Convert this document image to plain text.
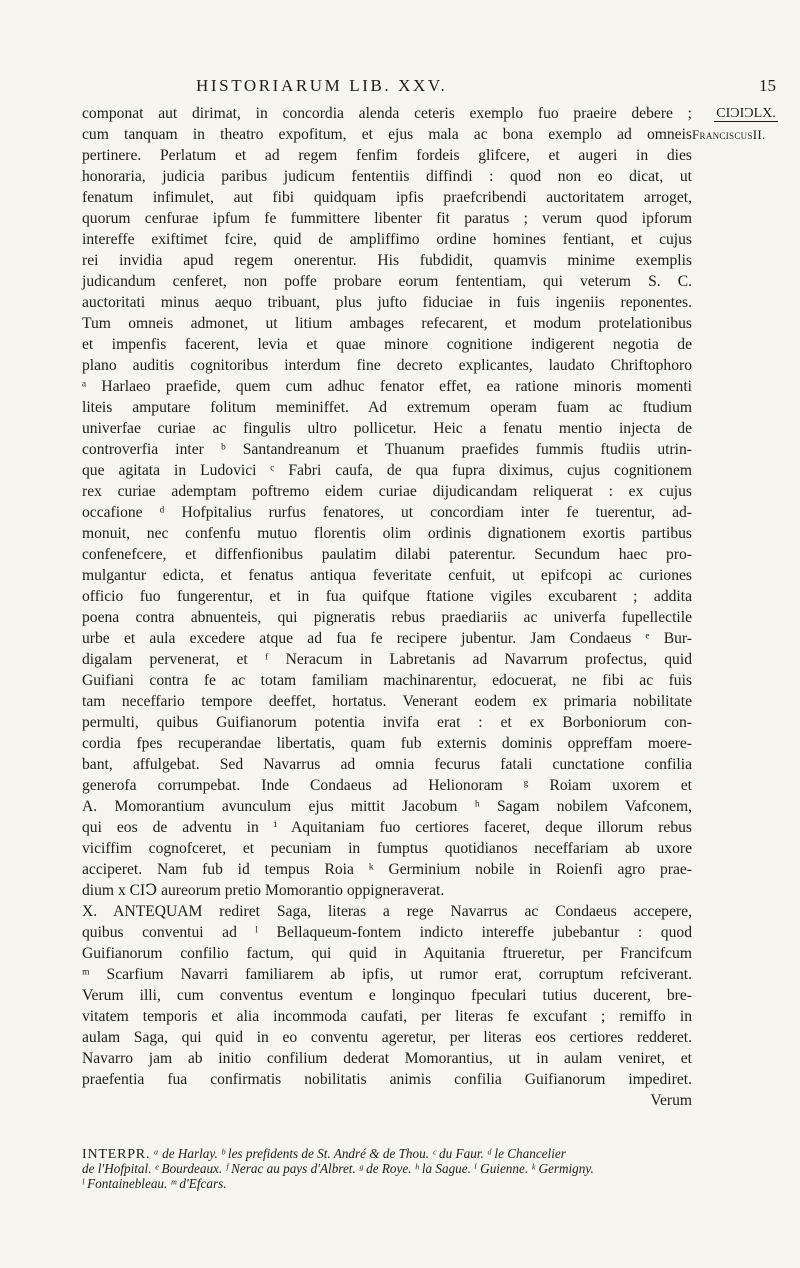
HISTORIARUM LIB. XXV.	15
componat aut dirimat, in concordia alenda ceteris exemplo fuo praeire debere ;
cum tanquam in theatro expofitum, et ejus mala ac bona exemplo ad omneis
pertinere. Perlatum et ad regem fenfim fordeis glifcere, et augeri in dies
honoraria, judicia paribus judicum fententiis diffindi : quod non eo dicat, ut
fenatum infimulet, aut fibi quidquam ipfis praefcribendi auctoritatem arroget,
quorum cenfurae ipfum fe fummittere libenter fit paratus ; verum quod ipforum
intereffe exiftimet fcire, quid de ampliffimo ordine homines fentiant, et cujus
rei invidia apud regem onerentur. His fubdidit, quamvis minime exemplis
judicandum cenferet, non poffe probare eorum fententiam, qui veterum S. C.
auctoritati minus aequo tribuant, plus jufto fiduciae in fuis ingeniis reponentes.
Tum omneis admonet, ut litium ambages refecarent, et modum protelationibus
et impenfis facerent, levia et quae minore cognitione indigerent negotia de
plano auditis cognitoribus interdum fine decreto explicantes, laudato Chriftophoro
ᵃ Harlaeo praefide, quem cum adhuc fenator effet, ea ratione minoris momenti
liteis amputare folitum meminiffet. Ad extremum operam fuam ac ftudium
univerfae curiae ac fingulis ultro pollicetur. Heic a fenatu mentio injecta de
controverfia inter ᵇ Santandreanum et Thuanum praefides fummis ftudiis utrin-
que agitata in Ludovici ᶜ Fabri caufa, de qua fupra diximus, cujus cognitionem
rex curiae ademptam poftremo eidem curiae dijudicandam reliquerat : ex cujus
occafione ᵈ Hofpitalius rurfus fenatores, ut concordiam inter fe tuerentur, ad-
monuit, nec confenfu mutuo florentis olim ordinis dignationem exortis partibus
confenefcere, et diffenfionibus paulatim dilabi paterentur. Secundum haec pro-
mulgantur edicta, et fenatus antiqua feveritate cenfuit, ut epifcopi ac curiones
officio fuo fungerentur, et in fua quifque ftatione vigiles excubarent ; addita
poena contra abnuenteis, qui pigneratis rebus praediariis ac univerfa fupellectile
urbe et aula excedere atque ad fua fe recipere jubentur. Jam Condaeus ᵉ Bur-
digalam pervenerat, et ᶠ Neracum in Labretanis ad Navarrum profectus, quid
Guifiani contra fe ac totam familiam machinarentur, edocuerat, ne fibi ac fuis
tam neceffario tempore deeffet, hortatus. Venerant eodem ex primaria nobilitate
permulti, quibus Guifianorum potentia invifa erat : et ex Borboniorum con-
cordia fpes recuperandae libertatis, quam fub externis dominis oppreffam moere-
bant, affulgebat. Sed Navarrus ad omnia fecurus fatali cunctatione confilia
generofa corrumpebat. Inde Condaeus ad Helionoram ᵍ Roiam uxorem et
A. Momorantium avunculum ejus mittit Jacobum ʰ Sagam nobilem Vafconem,
qui eos de adventu in ⁱ Aquitaniam fuo certiores faceret, deque illorum rebus
viciffim cognofceret, et pecuniam in fumptus quotidianos neceffariam ab uxore
acciperet. Nam fub id tempus Roia ᵏ Germinium nobile in Roienfi agro prae-
dium x CIↃ aureorum pretio Momorantio oppigneraverat.
X. ANTEQUAM rediret Saga, literas a rege Navarrus ac Condaeus accepere,
quibus conventui ad ˡ Bellaqueum-fontem indicto intereffe jubebantur : quod
Guifianorum confilio factum, qui quid in Aquitania ftrueretur, per Francifcum
ᵐ Scarfium Navarri familiarem ab ipfis, ut rumor erat, corruptum refciverant.
Verum illi, cum conventus eventum e longinquo fpeculari tutius ducerent, bre-
vitatem temporis et alia incommoda caufati, per literas fe excufant ; remiffo in
aulam Saga, qui quid in eo conventu ageretur, per literas eos certiores redderet.
Navarro jam ab initio confilium dederat Momorantius, ut in aulam veniret, et
praefentia fua confirmatis nobilitatis animis confilia Guifianorum impediret.
Verum
CIƆIƆLX.
FranciscusII.
INTERPR. ᵃ de Harlay. ᵇ les prefidents de St. André & de Thou. ᶜ du Faur. ᵈ le Chancelier
de l'Hofpital. ᵉ Bourdeaux. ᶠ Nerac au pays d'Albret. ᵍ de Roye. ʰ la Sague. ⁱ Guienne. ᵏ Germigny.
ˡ Fontainebleau. ᵐ d'Efcars.
